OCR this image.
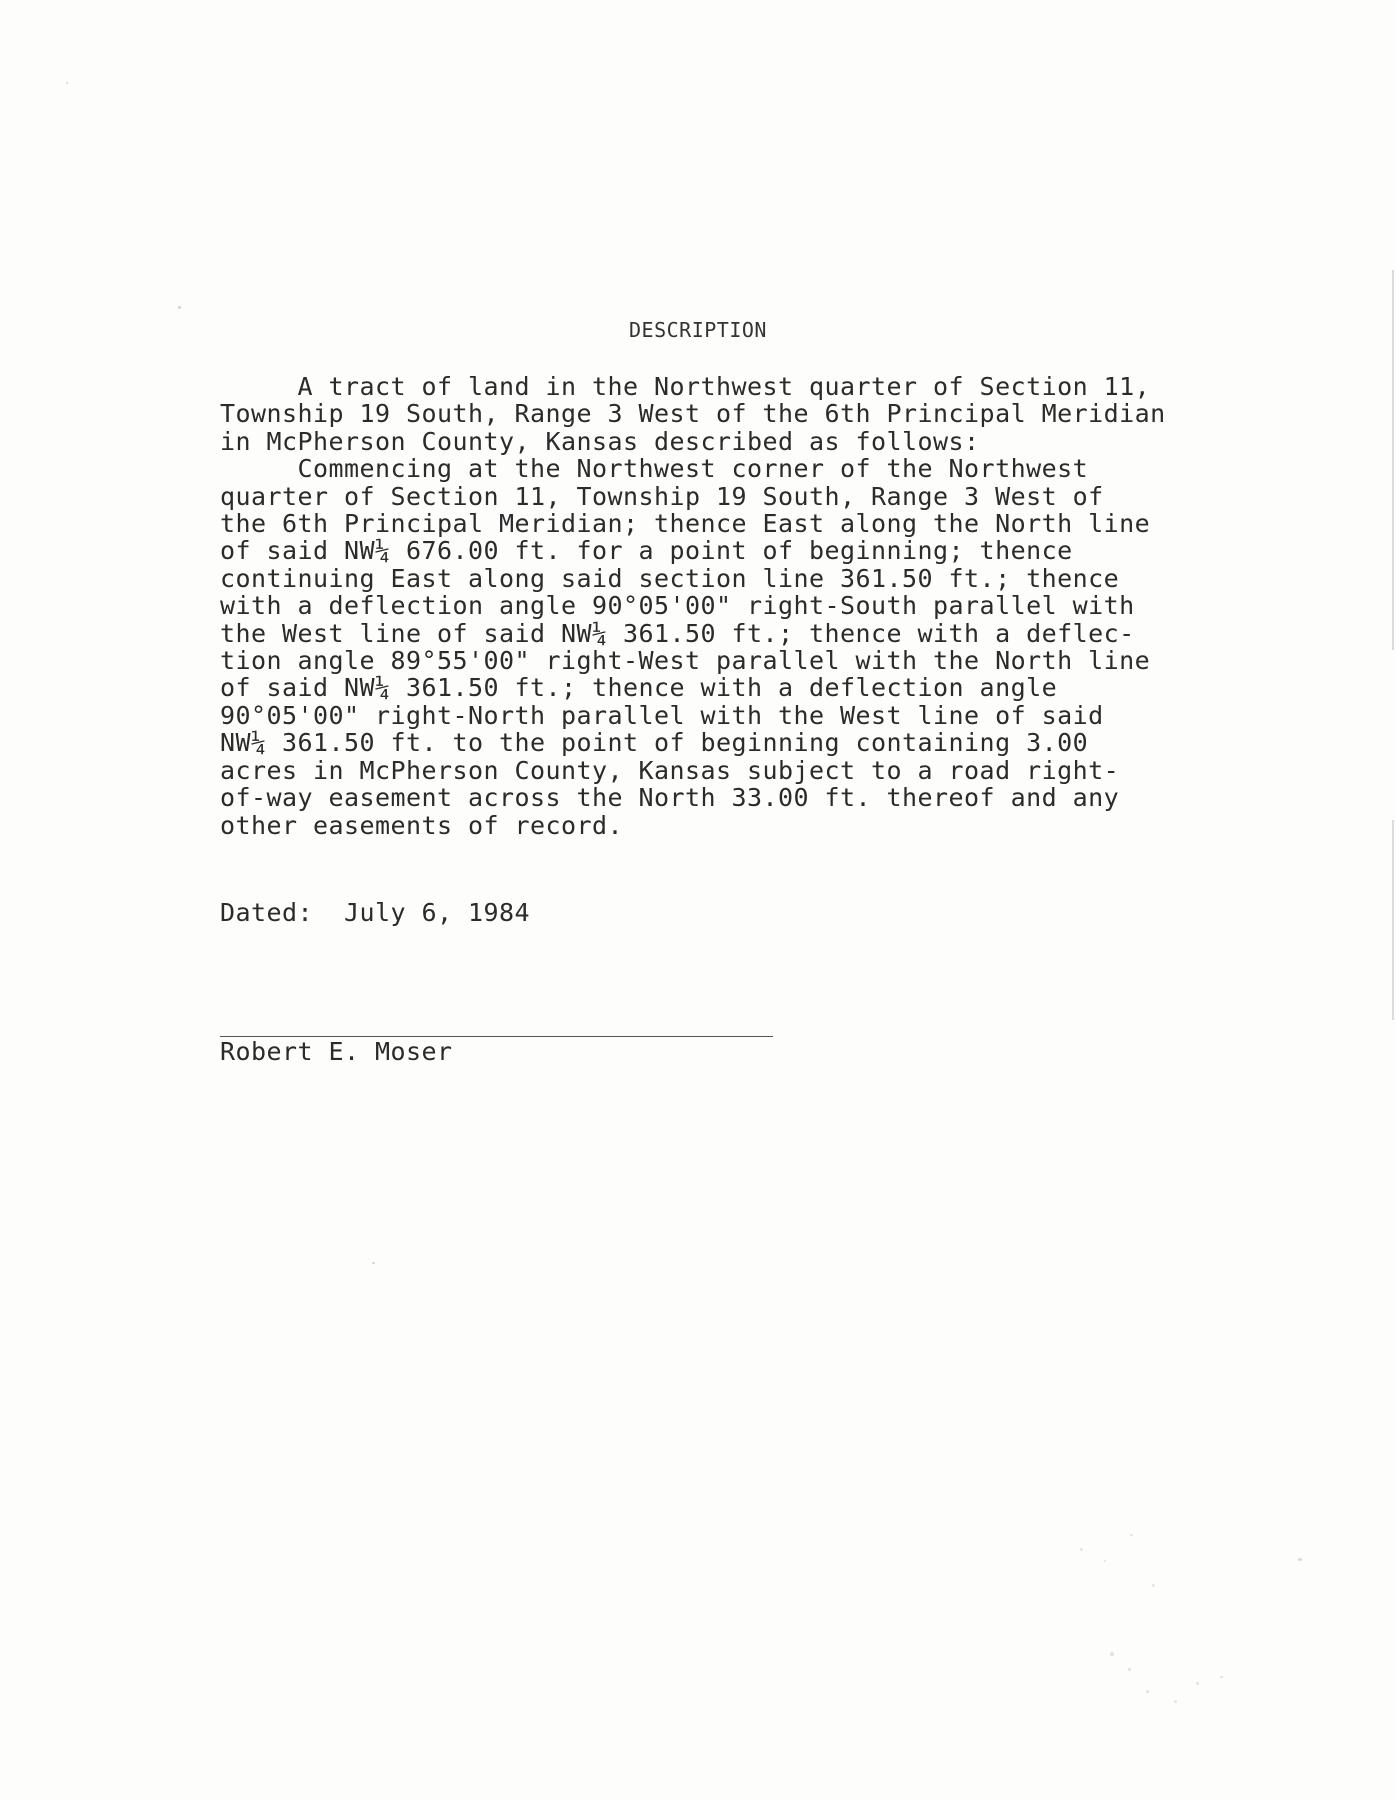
DESCRIPTION
A tract of land in the Northwest quarter of Section 11,
Township 19 South, Range 3 West of the 6th Principal Meridian
in McPherson County, Kansas described as follows:
Commencing at the Northwest corner of the Northwest
quarter of Section 11, Township 19 South, Range 3 West of
the 6th Principal Meridian; thence East along the North line
of said NW¼ 676.00 ft. for a point of beginning; thence
continuing East along said section line 361.50 ft.; thence
with a deflection angle 90°05'00" right-South parallel with
the West line of said NW¼ 361.50 ft.; thence with a deflec-
tion angle 89°55'00" right-West parallel with the North line
of said NW¼ 361.50 ft.; thence with a deflection angle
90°05'00" right-North parallel with the West line of said
NW¼ 361.50 ft. to the point of beginning containing 3.00
acres in McPherson County, Kansas subject to a road right-
of-way easement across the North 33.00 ft. thereof and any
other easements of record.
Dated:  July 6, 1984
Robert E. Moser
